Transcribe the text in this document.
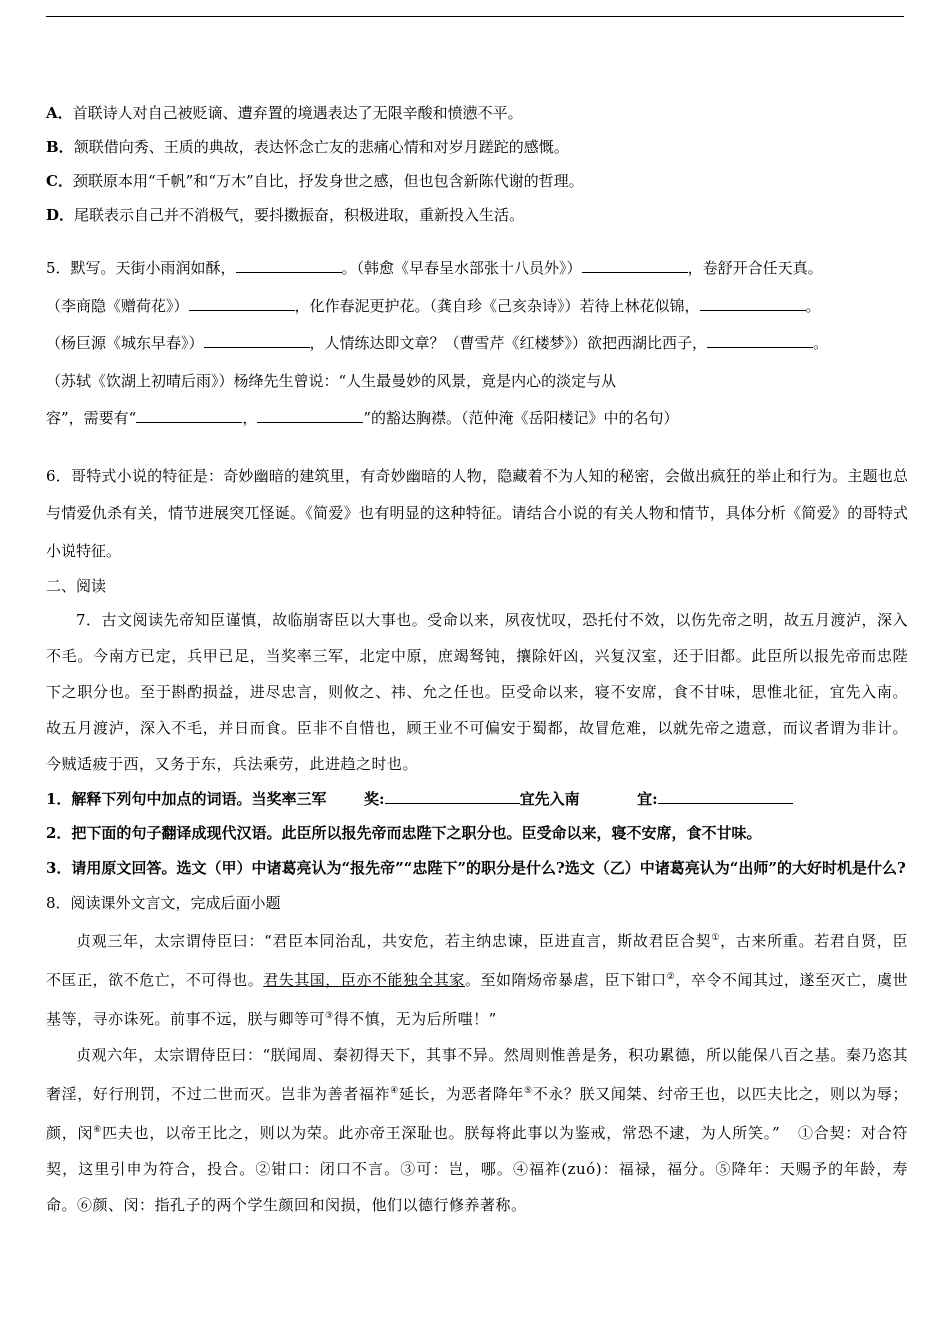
A．首联诗人对自己被贬谪、遭弃置的境遇表达了无限辛酸和愤懑不平。
B．颔联借向秀、王质的典故，表达怀念亡友的悲痛心情和对岁月蹉跎的感慨。
C．颈联原本用“千帆”和“万木”自比，抒发身世之感，但也包含新陈代谢的哲理。
D．尾联表示自己并不消极气，要抖擞振奋，积极进取，重新投入生活。
5．默写。天街小雨润如酥，	。（韩愈《早春呈水部张十八员外》）	，卷舒开合任天真。
（李商隐《赠荷花》）	，化作春泥更护花。（龚自珍《己亥杂诗》）若待上林花似锦，	。
（杨巨源《城东早春》）	，人情练达即文章？（曹雪芹《红楼梦》）欲把西湖比西子，	。
（苏轼《饮湖上初晴后雨》）杨绛先生曾说：“人生最曼妙的风景，竟是内心的淡定与从
容”，需要有“	，	”的豁达胸襟。（范仲淹《岳阳楼记》中的名句）
6．哥特式小说的特征是：奇妙幽暗的建筑里，有奇妙幽暗的人物，隐藏着不为人知的秘密，会做出疯狂的举止和行为。主题也总与情爱仇杀有关，情节进展突兀怪诞。《简爱》也有明显的这种特征。请结合小说的有关人物和情节，具体分析《简爱》的哥特式小说特征。
二、阅读
7．古文阅读先帝知臣谨慎，故临崩寄臣以大事也。受命以来，夙夜忧叹，恐托付不效，以伤先帝之明，故五月渡泸，深入不毛。今南方已定，兵甲已足，当奖率三军，北定中原，庶竭驽钝，攘除奸凶，兴复汉室，还于旧都。此臣所以报先帝而忠陛下之职分也。至于斟酌损益，进尽忠言，则攸之、祎、允之任也。臣受命以来，寝不安席，食不甘味，思惟北征，宜先入南。故五月渡泸，深入不毛，并日而食。臣非不自惜也，顾王业不可偏安于蜀都，故冒危难，以就先帝之遗意，而议者谓为非计。今贼适疲于西，又务于东，兵法乘劳，此进趋之时也。
1．解释下列句中加点的词语。当奖率三军	奖:	宜先入南	宜:
2．把下面的句子翻译成现代汉语。此臣所以报先帝而忠陛下之职分也。臣受命以来，寝不安席，食不甘味。
3．请用原文回答。选文（甲）中诸葛亮认为“报先帝”“忠陛下”的职分是什么?选文（乙）中诸葛亮认为“出师”的大好时机是什么?
8．阅读课外文言文，完成后面小题
贞观三年，太宗谓侍臣曰：“君臣本同治乱，共安危，若主纳忠谏，臣进直言，斯故君臣合契①，古来所重。若君自贤，臣不匡正，欲不危亡，不可得也。君失其国，臣亦不能独全其家。至如隋炀帝暴虐，臣下钳口②，卒令不闻其过，遂至灭亡，虞世基等，寻亦诛死。前事不远，朕与卿等可③得不慎，无为后所嗤！”
贞观六年，太宗谓侍臣曰：“朕闻周、秦初得天下，其事不异。然周则惟善是务，积功累德，所以能保八百之基。秦乃恣其奢淫，好行刑罚，不过二世而灭。岂非为善者福祚④延长，为恶者降年⑤不永？朕又闻桀、纣帝王也，以匹夫比之，则以为辱；颜，闵⑥匹夫也，以帝王比之，则以为荣。此亦帝王深耻也。朕每将此事以为鉴戒，常恐不逮，为人所笑。” ①合契：对合符契，这里引申为符合，投合。②钳口：闭口不言。③可：岂，哪。④福祚(zuó)：福禄，福分。⑤降年：天赐予的年龄，寿命。⑥颜、闵：指孔子的两个学生颜回和闵损，他们以德行修养著称。
